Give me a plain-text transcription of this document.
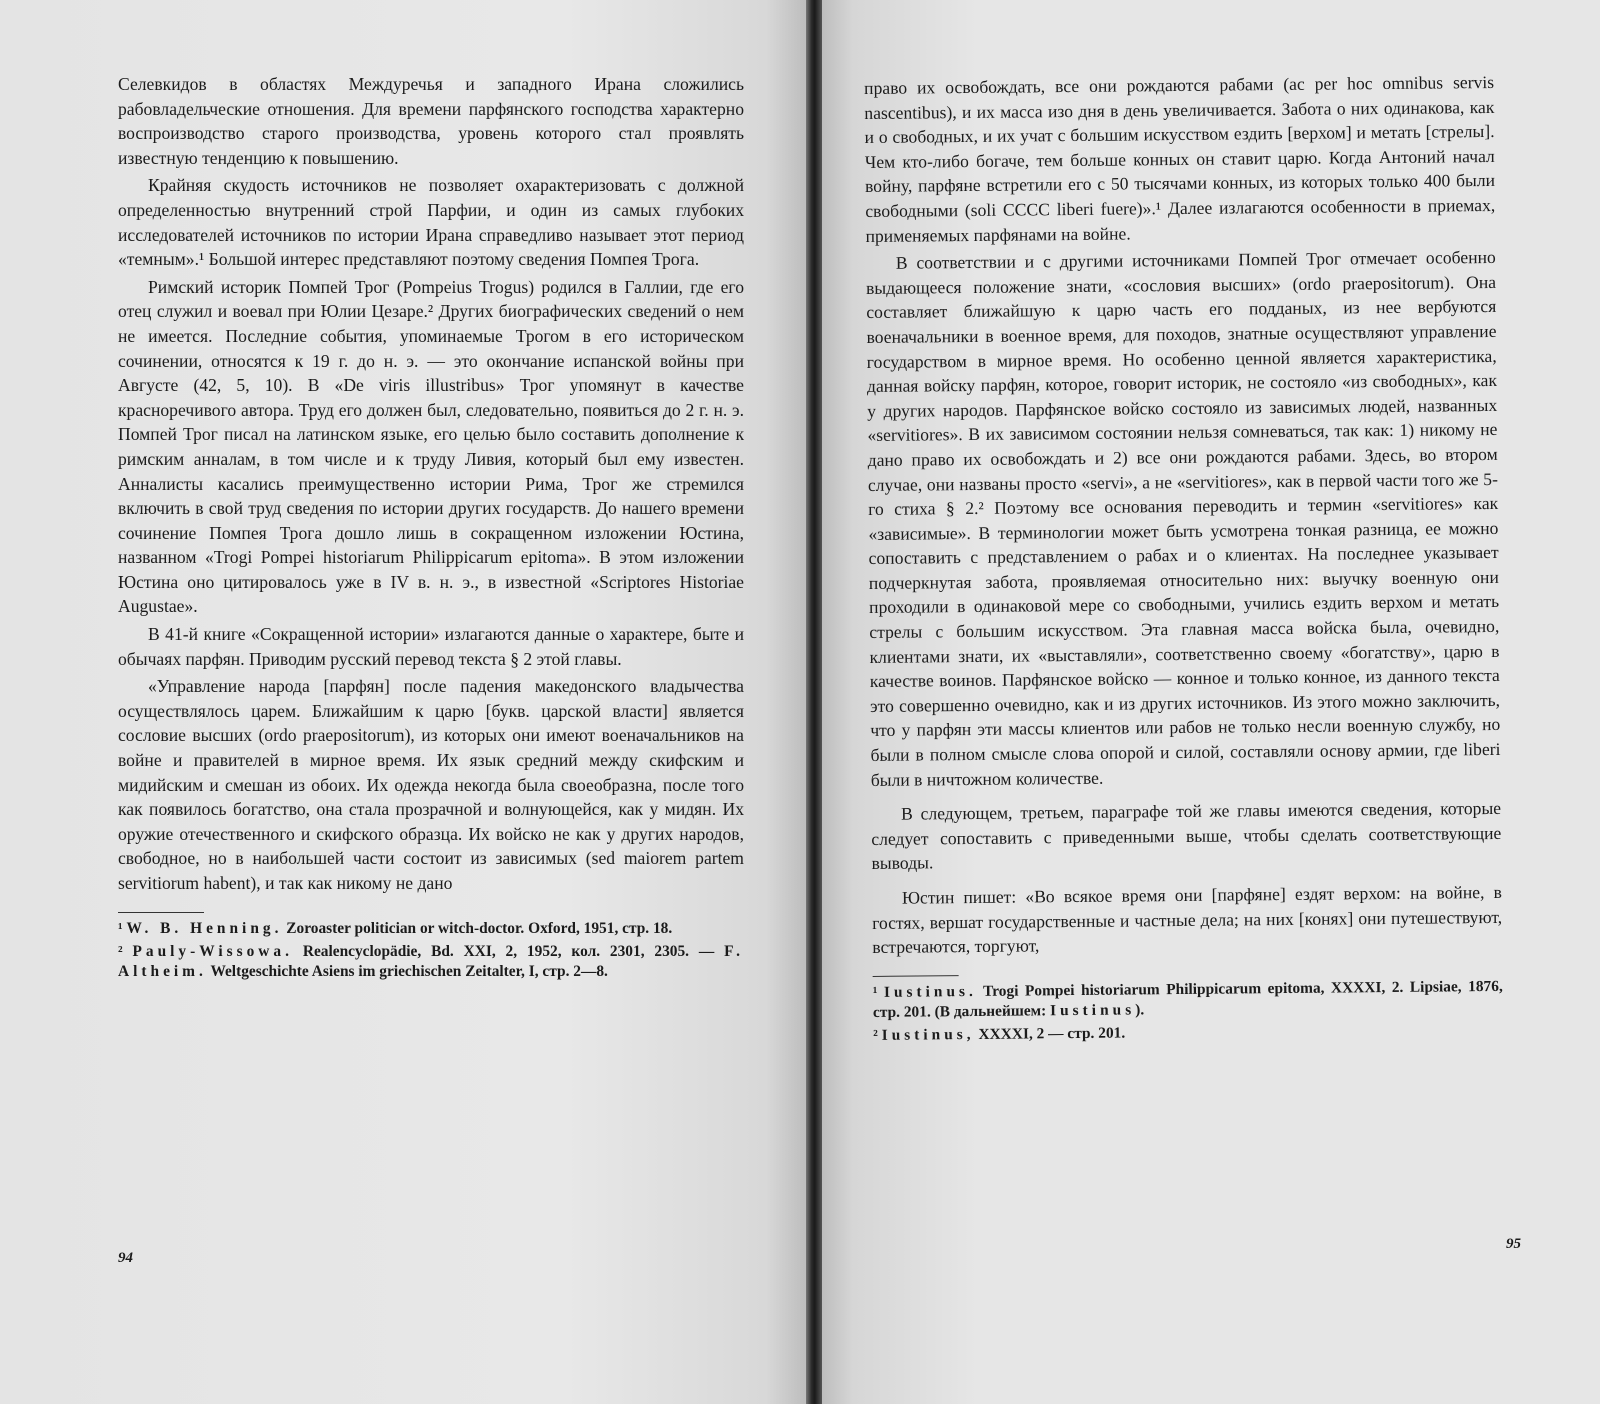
Селевкидов в областях Междуречья и западного Ирана сложились рабовладельческие отношения. Для времени парфянского господства характерно воспроизводство старого производства, уровень которого стал проявлять известную тенденцию к повышению.

Крайняя скудость источников не позволяет охарактеризовать с должной определенностью внутренний строй Парфии, и один из самых глубоких исследователей источников по истории Ирана справедливо называет этот период «темным».¹ Большой интерес представляют поэтому сведения Помпея Трога.

Римский историк Помпей Трог (Pompeius Trogus) родился в Галлии, где его отец служил и воевал при Юлии Цезаре.² Других биографических сведений о нем не имеется. Последние события, упоминаемые Трогом в его историческом сочинении, относятся к 19 г. до н. э. — это окончание испанской войны при Августе (42, 5, 10). В «De viris illustribus» Трог упомянут в качестве красноречивого автора. Труд его должен был, следовательно, появиться до 2 г. н. э. Помпей Трог писал на латинском языке, его целью было составить дополнение к римским анналам, в том числе и к труду Ливия, который был ему известен. Анналисты касались преимущественно истории Рима, Трог же стремился включить в свой труд сведения по истории других государств. До нашего времени сочинение Помпея Трога дошло лишь в сокращенном изложении Юстина, названном «Trogi Pompei historiarum Philippicarum epitoma». В этом изложении Юстина оно цитировалось уже в IV в. н. э., в известной «Scriptores Historiae Augustae».

В 41-й книге «Сокращенной истории» излагаются данные о характере, быте и обычаях парфян. Приводим русский перевод текста § 2 этой главы.

«Управление народа [парфян] после падения македонского владычества осуществлялось царем. Ближайшим к царю [букв. царской власти] является сословие высших (ordo praepositorum), из которых они имеют военачальников на войне и правителей в мирное время. Их язык средний между скифским и мидийским и смешан из обоих. Их одежда некогда была своеобразна, после того как появилось богатство, она стала прозрачной и волнующейся, как у мидян. Их оружие отечественного и скифского образца. Их войско не как у других народов, свободное, но в наибольшей части состоит из зависимых (sed maiorem partem servitiorum habent), и так как никому не дано

¹ W. B. Henning. Zoroaster politician or witch-doctor. Oxford, 1951, стр. 18.

² Pauly-Wissowa. Realencyclopädie, Bd. XXI, 2, 1952, кол. 2301, 2305. — F. Altheim. Weltgeschichte Asiens im griechischen Zeitalter, I, стр. 2—8.

94

право их освобождать, все они рождаются рабами (ac per hoc omnibus servis nascentibus), и их масса изо дня в день увеличивается. Забота о них одинакова, как и о свободных, и их учат с большим искусством ездить [верхом] и метать [стрелы]. Чем кто-либо богаче, тем больше конных он ставит царю. Когда Антоний начал войну, парфяне встретили его с 50 тысячами конных, из которых только 400 были свободными (soli CCCC liberi fuere)».¹ Далее излагаются особенности в приемах, применяемых парфянами на войне.

В соответствии и с другими источниками Помпей Трог отмечает особенно выдающееся положение знати, «сословия высших» (ordo praepositorum). Она составляет ближайшую к царю часть его подданых, из нее вербуются военачальники в военное время, для походов, знатные осуществляют управление государством в мирное время. Но особенно ценной является характеристика, данная войску парфян, которое, говорит историк, не состояло «из свободных», как у других народов. Парфянское войско состояло из зависимых людей, названных «servitiores». В их зависимом состоянии нельзя сомневаться, так как: 1) никому не дано право их освобождать и 2) все они рождаются рабами. Здесь, во втором случае, они названы просто «servi», а не «servitiores», как в первой части того же 5-го стиха § 2.² Поэтому все основания переводить и термин «servitiores» как «зависимые». В терминологии может быть усмотрена тонкая разница, ее можно сопоставить с представлением о рабах и о клиентах. На последнее указывает подчеркнутая забота, проявляемая относительно них: выучку военную они проходили в одинаковой мере со свободными, учились ездить верхом и метать стрелы с большим искусством. Эта главная масса войска была, очевидно, клиентами знати, их «выставляли», соответственно своему «богатству», царю в качестве воинов. Парфянское войско — конное и только конное, из данного текста это совершенно очевидно, как и из других источников. Из этого можно заключить, что у парфян эти массы клиентов или рабов не только несли военную службу, но были в полном смысле слова опорой и силой, составляли основу армии, где liberi были в ничтожном количестве.

В следующем, третьем, параграфе той же главы имеются сведения, которые следует сопоставить с приведенными выше, чтобы сделать соответствующие выводы.

Юстин пишет: «Во всякое время они [парфяне] ездят верхом: на войне, в гостях, вершат государственные и частные дела; на них [конях] они путешествуют, встречаются, торгуют,

¹ Iustinus. Trogi Pompei historiarum Philippicarum epitoma, XXXXI, 2. Lipsiae, 1876, стр. 201. (В дальнейшем: Iustinus).

² Iustinus, XXXXI, 2 — стр. 201.

95
